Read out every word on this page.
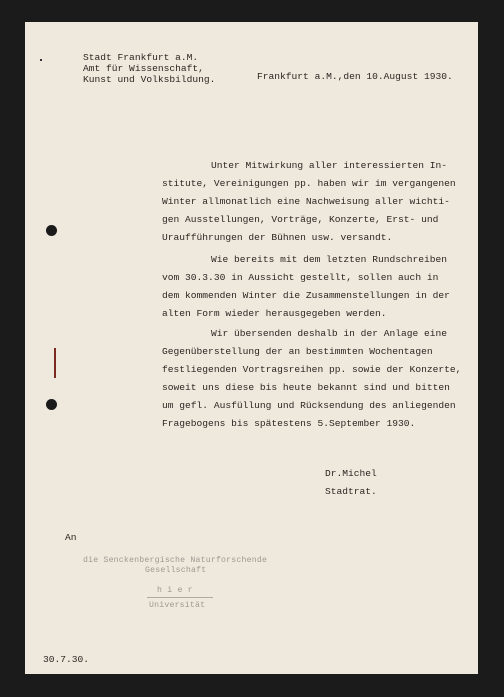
Stadt Frankfurt a.M.
Amt für Wissenschaft,
Kunst und Volksbildung.	Frankfurt a.M.,den 10.August 1930.
Unter Mitwirkung aller interessierten In-
stitute, Vereinigungen pp. haben wir im vergangenen
Winter allmonatlich eine Nachweisung aller wichti-
gen Ausstellungen, Vorträge, Konzerte, Erst- und
Uraufführungen der Bühnen usw. versandt.
Wie bereits mit dem letzten Rundschreiben
vom 30.3.30 in Aussicht gestellt, sollen auch in
dem kommenden Winter die Zusammenstellungen in der
alten Form wieder herausgegeben werden.
Wir übersenden deshalb in der Anlage eine
Gegenüberstellung der an bestimmten Wochentagen
festliegenden Vortragsreihen pp. sowie der Konzerte,
soweit uns diese bis heute bekannt sind und bitten
um gefl. Ausfüllung und Rücksendung des anliegenden
Fragebogens bis spätestens 5.September 1930.
Dr.Michel
Stadtrat.
An
die Senckenbergische Naturforschende
Gesellschaft
h i e r
Universität
30.7.30.
